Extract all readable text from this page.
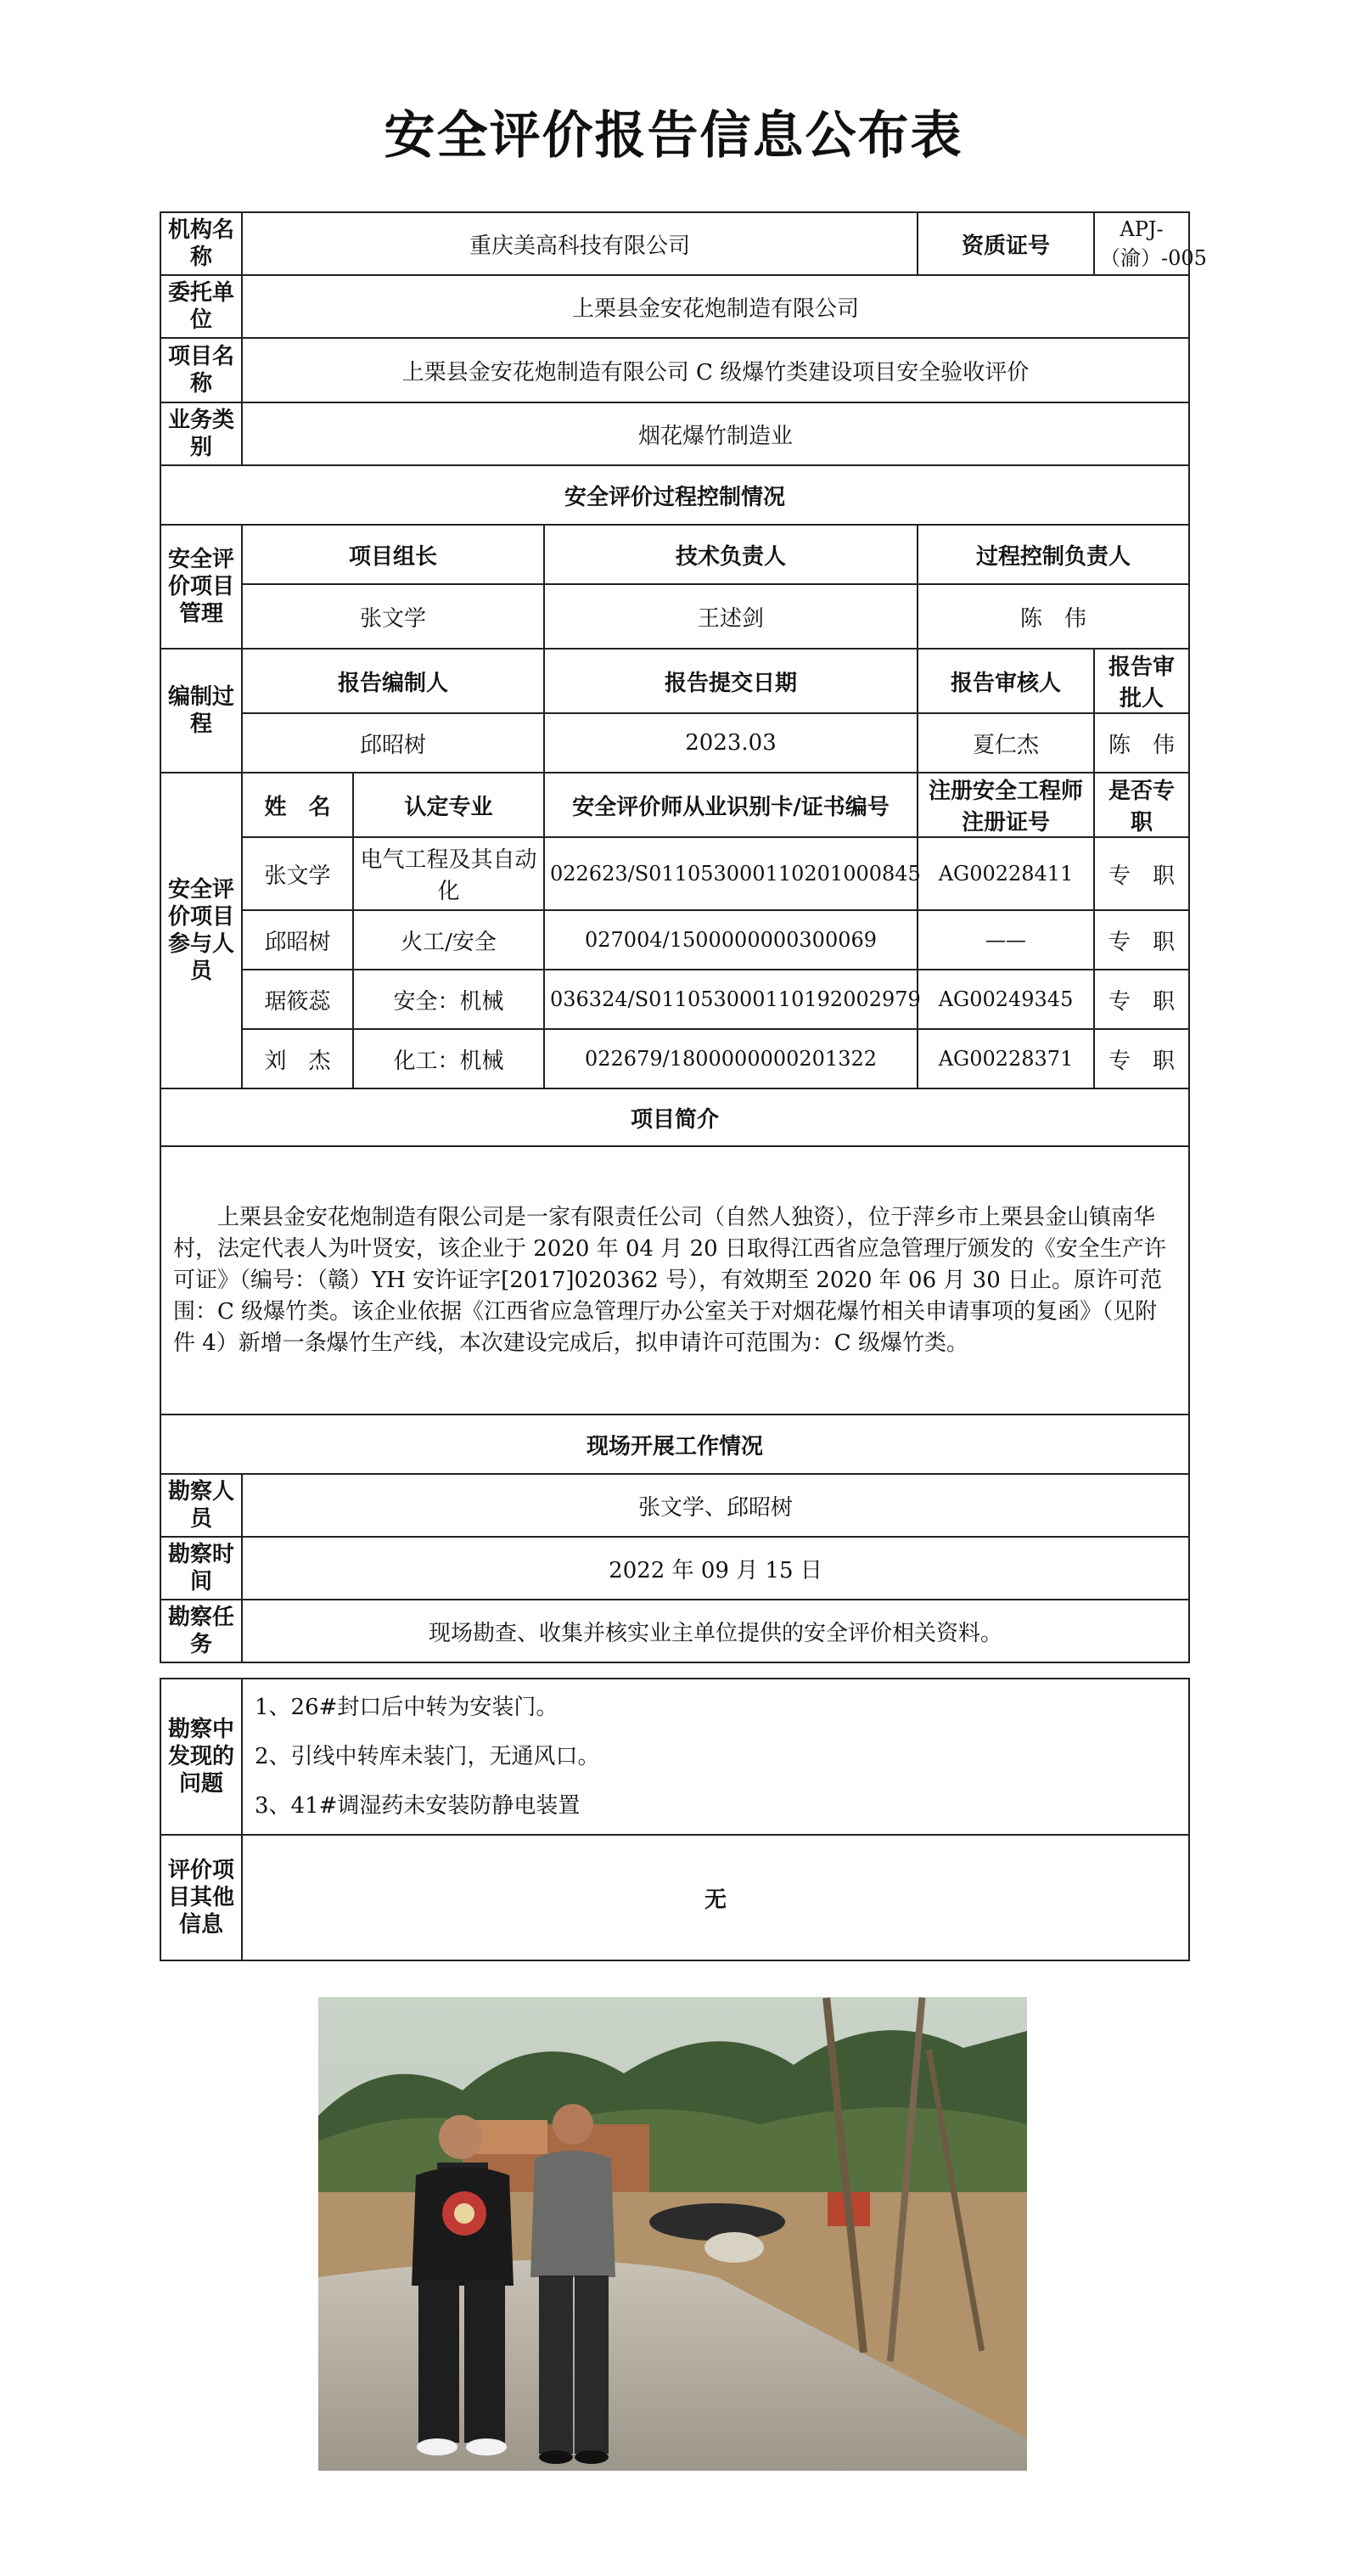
安全评价报告信息公布表
机构名称	重庆美高科技有限公司			资质证号	APJ-（渝）-005
委托单位	上栗县金安花炮制造有限公司				
项目名称	上栗县金安花炮制造有限公司 C 级爆竹类建设项目安全验收评价				
业务类别	烟花爆竹制造业				
安全评价过程控制情况					
安全评价项目管理	项目组长		技术负责人	过程控制负责人	
	张文学		王述剑	陈　伟	
编制过程	报告编制人		报告提交日期	报告审核人	报告审批人
	邱昭树		2023.03	夏仁杰	陈　伟
安全评价项目参与人员	姓　名	认定专业	安全评价师从业识别卡/证书编号	注册安全工程师注册证号	是否专职
	张文学	电气工程及其自动化	022623/S011053000110201000845	AG00228411	专　职
	邱昭树	火工/安全	027004/1500000000300069	——	专　职
	琚筱蕊	安全：机械	036324/S011053000110192002979	AG00249345	专　职
	刘　杰	化工：机械	022679/1800000000201322	AG00228371	专　职
项目简介					
上栗县金安花炮制造有限公司是一家有限责任公司（自然人独资），位于萍乡市上栗县金山镇南华村，法定代表人为叶贤安，该企业于 2020 年 04 月 20 日取得江西省应急管理厅颁发的《安全生产许可证》（编号：（赣）YH 安许证字[2017]020362 号），有效期至 2020 年 06 月 30 日止。原许可范围：C 级爆竹类。该企业依据《江西省应急管理厅办公室关于对烟花爆竹相关申请事项的复函》（见附件 4）新增一条爆竹生产线，本次建设完成后，拟申请许可范围为：C 级爆竹类。					
现场开展工作情况					
勘察人员	张文学、邱昭树				
勘察时间	2022 年 09 月 15 日				
勘察任务	现场勘查、收集并核实业主单位提供的安全评价相关资料。				
勘察中发现的问题	1、26#封口后中转为安装门。
2、引线中转库未装门，无通风口。
3、41#调湿药未安装防静电装置

评价项目其他信息	无
